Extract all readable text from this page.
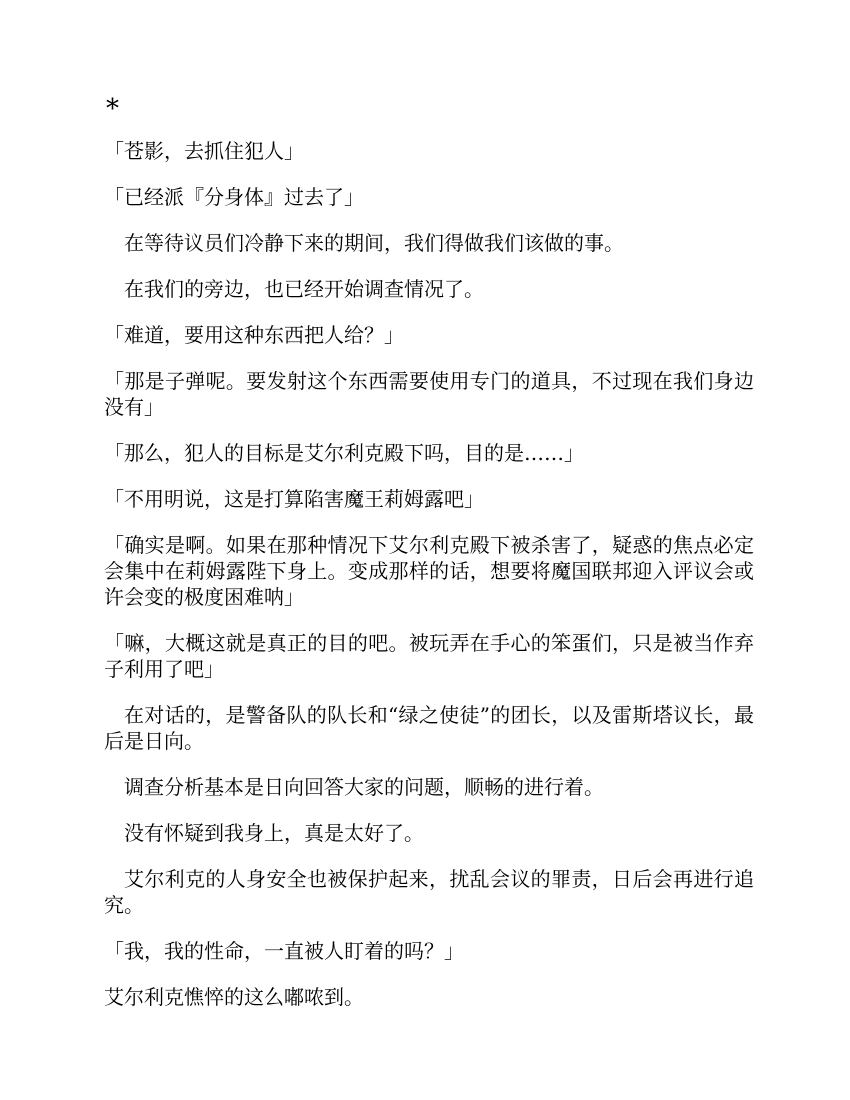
*

「苍影，去抓住犯人」

「已经派『分身体』过去了」

在等待议员们冷静下来的期间，我们得做我们该做的事。

在我们的旁边，也已经开始调查情况了。

「难道，要用这种东西把人给？」

「那是子弹呢。要发射这个东西需要使用专门的道具，不过现在我们身边没有」

「那么，犯人的目标是艾尔利克殿下吗，目的是……」

「不用明说，这是打算陷害魔王莉姆露吧」

「确实是啊。如果在那种情况下艾尔利克殿下被杀害了，疑惑的焦点必定会集中在莉姆露陛下身上。变成那样的话，想要将魔国联邦迎入评议会或许会变的极度困难呐」

「嘛，大概这就是真正的目的吧。被玩弄在手心的笨蛋们，只是被当作弃子利用了吧」

在对话的，是警备队的队长和“绿之使徒”的团长，以及雷斯塔议长，最后是日向。

调查分析基本是日向回答大家的问题，顺畅的进行着。

没有怀疑到我身上，真是太好了。

艾尔利克的人身安全也被保护起来，扰乱会议的罪责，日后会再进行追究。

「我，我的性命，一直被人盯着的吗？」

艾尔利克憔悴的这么嘟哝到。
